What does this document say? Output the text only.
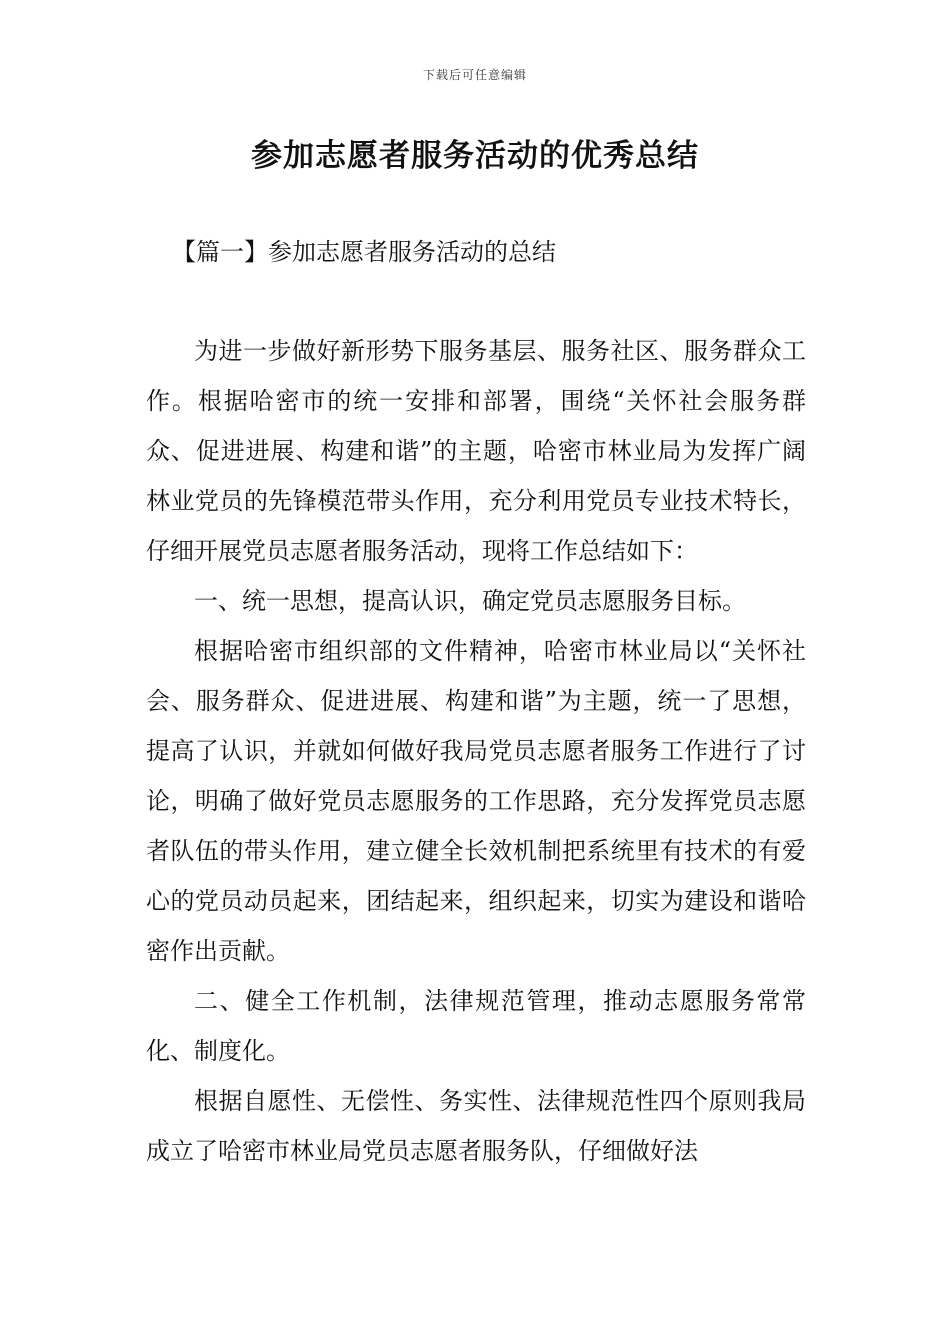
下载后可任意编辑
参加志愿者服务活动的优秀总结
【篇一】参加志愿者服务活动的总结

为进一步做好新形势下服务基层、服务社区、服务群众工作。根据哈密市的统一安排和部署，围绕“关怀社会服务群众、促进进展、构建和谐”的主题，哈密市林业局为发挥广阔林业党员的先锋模范带头作用，充分利用党员专业技术特长，仔细开展党员志愿者服务活动，现将工作总结如下：

一、统一思想，提高认识，确定党员志愿服务目标。

根据哈密市组织部的文件精神，哈密市林业局以“关怀社会、服务群众、促进进展、构建和谐”为主题，统一了思想，提高了认识，并就如何做好我局党员志愿者服务工作进行了讨论，明确了做好党员志愿服务的工作思路，充分发挥党员志愿者队伍的带头作用，建立健全长效机制把系统里有技术的有爱心的党员动员起来，团结起来，组织起来，切实为建设和谐哈密作出贡献。

二、健全工作机制，法律规范管理，推动志愿服务常常化、制度化。

根据自愿性、无偿性、务实性、法律规范性四个原则我局成立了哈密市林业局党员志愿者服务队，仔细做好法
